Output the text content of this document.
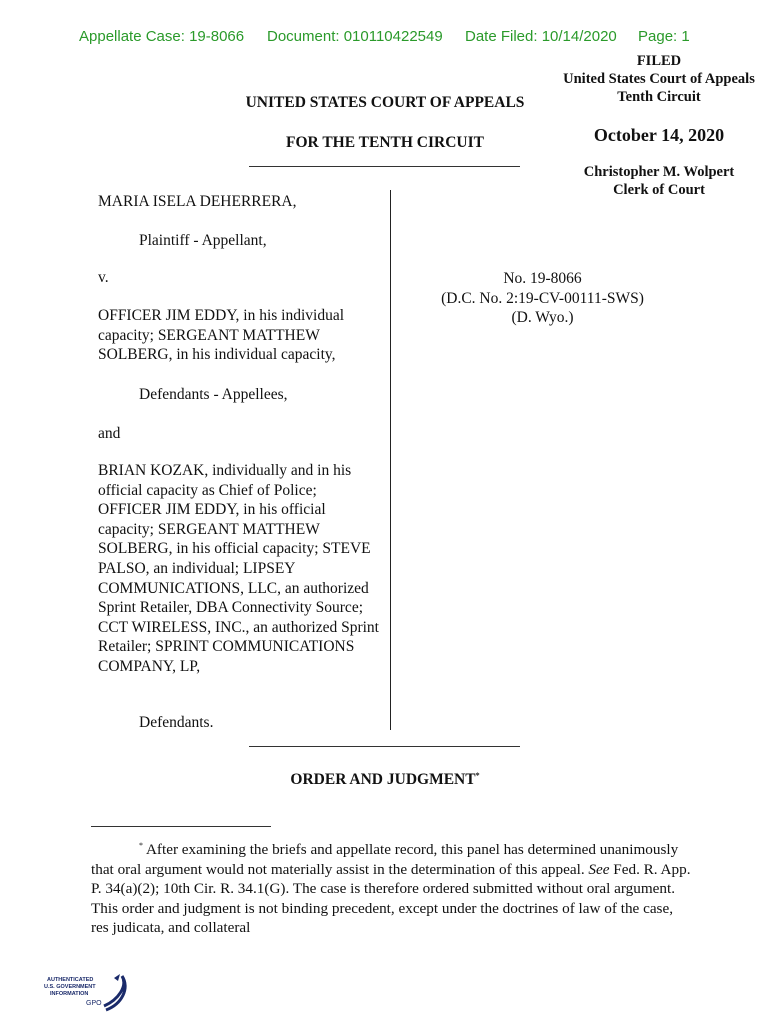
Appellate Case: 19-8066 Document: 010110422549 Date Filed: 10/14/2020 Page: 1
FILED
United States Court of Appeals
Tenth Circuit
October 14, 2020
Christopher M. Wolpert
Clerk of Court
UNITED STATES COURT OF APPEALS
FOR THE TENTH CIRCUIT

MARIA ISELA DEHERRERA,

Plaintiff - Appellant,

v.

OFFICER JIM EDDY, in his individual capacity; SERGEANT MATTHEW SOLBERG, in his individual capacity,

Defendants - Appellees,

and

BRIAN KOZAK, individually and in his official capacity as Chief of Police; OFFICER JIM EDDY, in his official capacity; SERGEANT MATTHEW SOLBERG, in his official capacity; STEVE PALSO, an individual; LIPSEY COMMUNICATIONS, LLC, an authorized Sprint Retailer, DBA Connectivity Source; CCT WIRELESS, INC., an authorized Sprint Retailer; SPRINT COMMUNICATIONS COMPANY, LP,

Defendants.

No. 19-8066
(D.C. No. 2:19-CV-00111-SWS)
(D. Wyo.)
ORDER AND JUDGMENT*

* After examining the briefs and appellate record, this panel has determined unanimously that oral argument would not materially assist in the determination of this appeal. See Fed. R. App. P. 34(a)(2); 10th Cir. R. 34.1(G). The case is therefore ordered submitted without oral argument. This order and judgment is not binding precedent, except under the doctrines of law of the case, res judicata, and collateral

AUTHENTICATED
U.S. GOVERNMENT
INFORMATION
GPO
